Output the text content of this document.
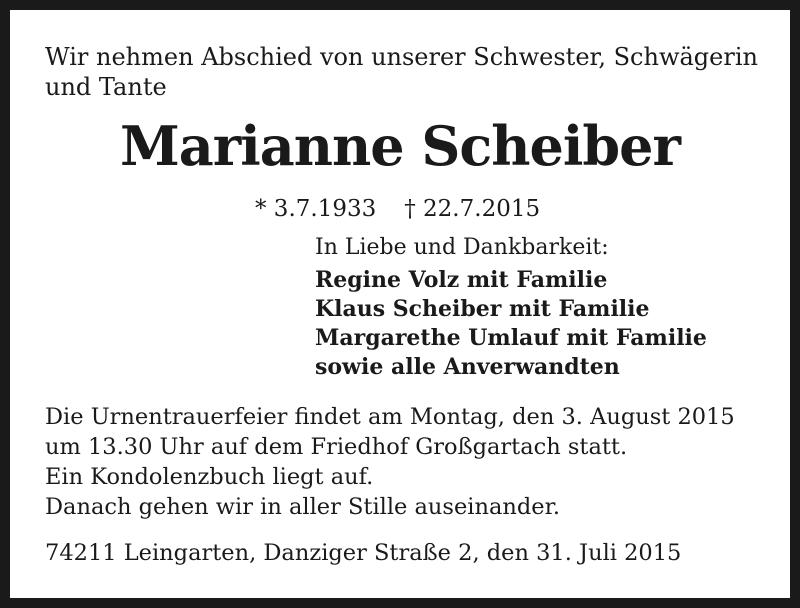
Wir nehmen Abschied von unserer Schwester, Schwägerin
und Tante
Marianne Scheiber
* 3.7.1933 † 22.7.2015
In Liebe und Dankbarkeit:
Regine Volz mit Familie
Klaus Scheiber mit Familie
Margarethe Umlauf mit Familie
sowie alle Anverwandten
Die Urnentrauerfeier findet am Montag, den 3. August 2015
um 13.30 Uhr auf dem Friedhof Großgartach statt.
Ein Kondolenzbuch liegt auf.
Danach gehen wir in aller Stille auseinander.
74211 Leingarten, Danziger Straße 2, den 31. Juli 2015
